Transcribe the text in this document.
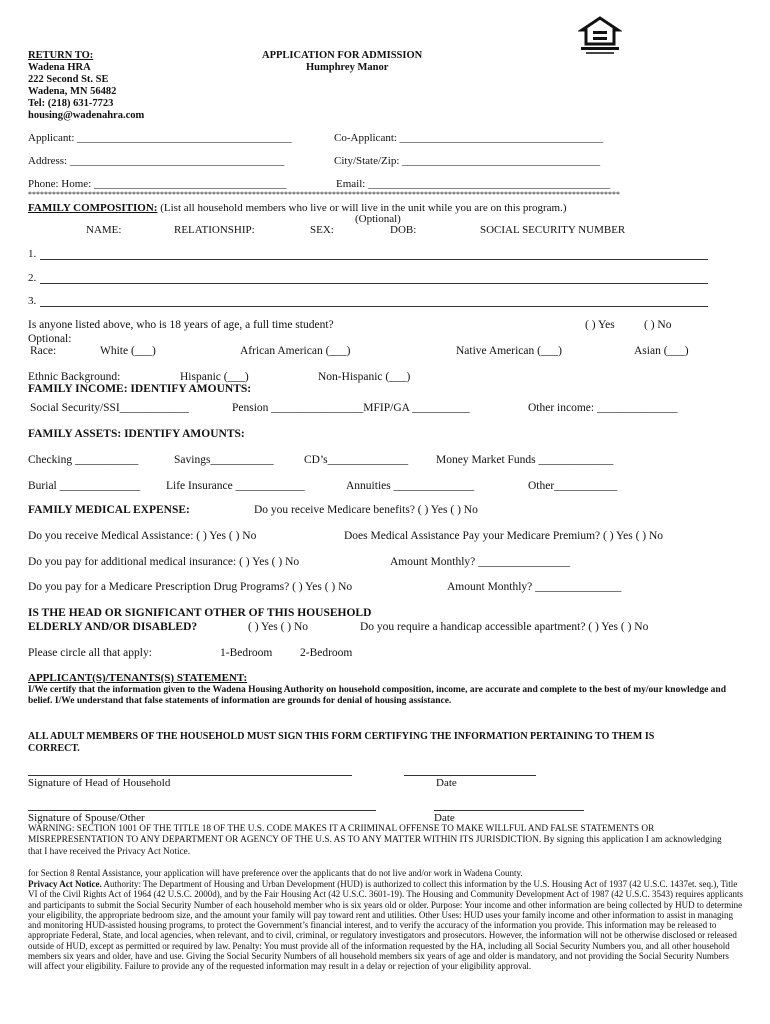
RETURN TO:
Wadena HRA
222 Second St. SE
Wadena, MN 56482
Tel: (218) 631-7723
housing@wadenahra.com
APPLICATION FOR ADMISSION
Humphrey Manor
Applicant: _______________________________________	Co-Applicant: _____________________________________
Address: _______________________________________	City/State/Zip: ____________________________________
Phone: Home: ___________________________________	Email: ____________________________________________
****************************************************************************************************************************************************
FAMILY COMPOSITION: (List all household members who live or will live in the unit while you are on this program.)
(Optional)
NAME:	RELATIONSHIP:	SEX:	DOB:	SOCIAL SECURITY NUMBER
1.
2.
3.
Is anyone listed above, who is 18 years of age, a full time student?	( ) Yes	( ) No
Optional:
Race:	White (___)	African American (___)	Native American (___)	Asian (___)
Ethnic Background:	Hispanic (___)	Non-Hispanic (___)
FAMILY INCOME: IDENTIFY AMOUNTS:
Social Security/SSI____________	Pension ________________MFIP/GA __________	Other income: ______________
FAMILY ASSETS: IDENTIFY AMOUNTS:
Checking ___________	Savings___________	CD’s______________ Money Market Funds _____________
Burial ______________ Life Insurance ____________	Annuities ______________	Other___________
FAMILY MEDICAL EXPENSE:	Do you receive Medicare benefits? ( ) Yes ( ) No
Do you receive Medical Assistance: ( ) Yes ( ) No	Does Medical Assistance Pay your Medicare Premium? ( ) Yes ( ) No
Do you pay for additional medical insurance: ( ) Yes ( ) No	Amount Monthly? ________________
Do you pay for a Medicare Prescription Drug Programs? ( ) Yes ( ) No	Amount Monthly? _______________
IS THE HEAD OR SIGNIFICANT OTHER OF THIS HOUSEHOLD
ELDERLY AND/OR DISABLED?	( ) Yes ( ) No	Do you require a handicap accessible apartment? ( ) Yes ( ) No
Please circle all that apply:	1-Bedroom 2-Bedroom
APPLICANT(S)/TENANTS(S) STATEMENT:
I/We certify that the information given to the Wadena Housing Authority on household composition, income, are accurate and complete to the best of my/our knowledge and belief. I/We understand that false statements of information are grounds for denial of housing assistance.
ALL ADULT MEMBERS OF THE HOUSEHOLD MUST SIGN THIS FORM CERTIFYING THE INFORMATION PERTAINING TO THEM IS CORRECT.
Signature of Head of Household	Date
Signature of Spouse/Other	Date
WARNING: SECTION 1001 OF THE TITLE 18 OF THE U.S. CODE MAKES IT A CRIIMINAL OFFENSE TO MAKE WILLFUL AND FALSE STATEMENTS OR MISREPRESENTATION TO ANY DEPARTMENT OR AGENCY OF THE U.S. AS TO ANY MATTER WITHIN ITS JURISDICTION. By signing this application I am acknowledging that I have received the Privacy Act Notice.
for Section 8 Rental Assistance, your application will have preference over the applicants that do not live and/or work in Wadena County.
Privacy Act Notice. Authority: The Department of Housing and Urban Development (HUD) is authorized to collect this information by the U.S. Housing Act of 1937 (42 U.S.C. 1437et. seq.), Title VI of the Civil Rights Act of 1964 (42 U.S.C. 2000d), and by the Fair Housing Act (42 U.S.C. 3601-19). The Housing and Community Development Act of 1987 (42 U.S.C. 3543) requires applicants and participants to submit the Social Security Number of each household member who is six years old or older. Purpose: Your income and other information are being collected by HUD to determine your eligibility, the appropriate bedroom size, and the amount your family will pay toward rent and utilities. Other Uses: HUD uses your family income and other information to assist in managing and monitoring HUD-assisted housing programs, to protect the Government’s financial interest, and to verify the accuracy of the information you provide. This information may be released to appropriate Federal, State, and local agencies, when relevant, and to civil, criminal, or regulatory investigators and prosecutors. However, the information will not be otherwise disclosed or released outside of HUD, except as permitted or required by law. Penalty: You must provide all of the information requested by the HA, including all Social Security Numbers you, and all other household members six years and older, have and use. Giving the Social Security Numbers of all household members six years of age and older is mandatory, and not providing the Social Security Numbers will affect your eligibility. Failure to provide any of the requested information may result in a delay or rejection of your eligibility approval.
